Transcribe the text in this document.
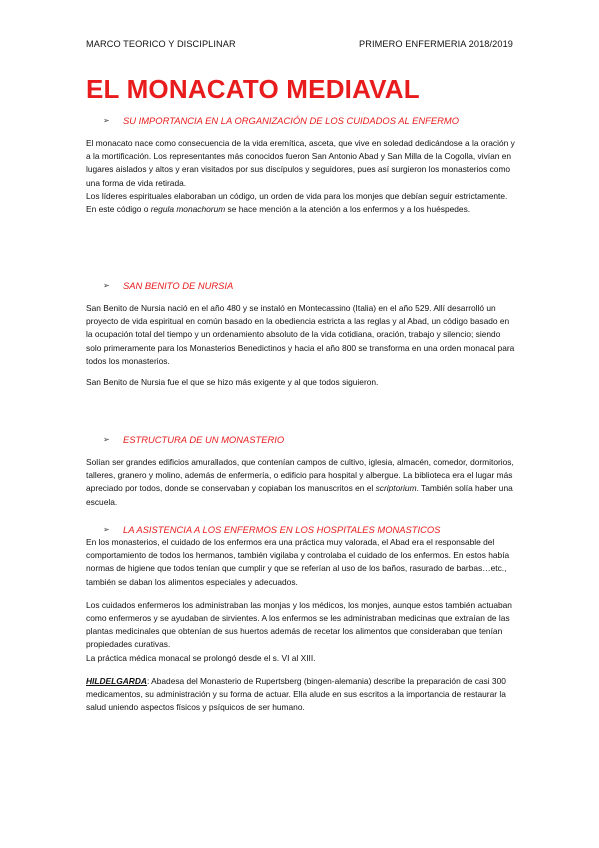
MARCO TEORICO Y DISCIPLINAR	PRIMERO ENFERMERIA 2018/2019
EL MONACATO MEDIAVAL
➢ SU IMPORTANCIA EN LA ORGANIZACIÓN DE LOS CUIDADOS AL ENFERMO

El monacato nace como consecuencia de la vida eremítica, asceta, que vive en soledad dedicándose a la oración y a la mortificación. Los representantes más conocidos fueron San Antonio Abad y San Milla de la Cogolla, vivían en lugares aislados y altos y eran visitados por sus discípulos y seguidores, pues así surgieron los monasterios como una forma de vida retirada.

Los líderes espirituales elaboraban un código, un orden de vida para los monjes que debían seguir estrictamente. En este código o regula monachorum se hace mención a la atención a los enfermos y a los huéspedes.

➢ SAN BENITO DE NURSIA

San Benito de Nursia nació en el año 480 y se instaló en Montecassino (Italia) en el año 529. Allí desarrolló un proyecto de vida espiritual en común basado en la obediencia estricta a las reglas y al Abad, un código basado en la ocupación total del tiempo y un ordenamiento absoluto de la vida cotidiana, oración, trabajo y silencio; siendo solo primeramente para los Monasterios Benedictinos y hacia el año 800 se transforma en una orden monacal para todos los monasterios.

San Benito de Nursia fue el que se hizo más exigente y al que todos siguieron.

➢ ESTRUCTURA DE UN MONASTERIO

Solían ser grandes edificios amurallados, que contenían campos de cultivo, iglesia, almacén, comedor, dormitorios, talleres, granero y molino, además de enfermería, o edificio para hospital y albergue. La biblioteca era el lugar más apreciado por todos, donde se conservaban y copiaban los manuscritos en el scriptorium. También solía haber una escuela.

➢ LA ASISTENCIA A LOS ENFERMOS EN LOS HOSPITALES MONASTICOS

En los monasterios, el cuidado de los enfermos era una práctica muy valorada, el Abad era el responsable del comportamiento de todos los hermanos, también vigilaba y controlaba el cuidado de los enfermos. En estos había normas de higiene que todos tenían que cumplir y que se referían al uso de los baños, rasurado de barbas…etc., también se daban los alimentos especiales y adecuados.

Los cuidados enfermeros los administraban las monjas y los médicos, los monjes, aunque estos también actuaban como enfermeros y se ayudaban de sirvientes. A los enfermos se les administraban medicinas que extraían de las plantas medicinales que obtenían de sus huertos además de recetar los alimentos que consideraban que tenían propiedades curativas.

La práctica médica monacal se prolongó desde el s. VI al XIII.

HILDELGARDA: Abadesa del Monasterio de Rupertsberg (bingen-alemania) describe la preparación de casi 300 medicamentos, su administración y su forma de actuar. Ella alude en sus escritos a la importancia de restaurar la salud uniendo aspectos físicos y psíquicos de ser humano.
